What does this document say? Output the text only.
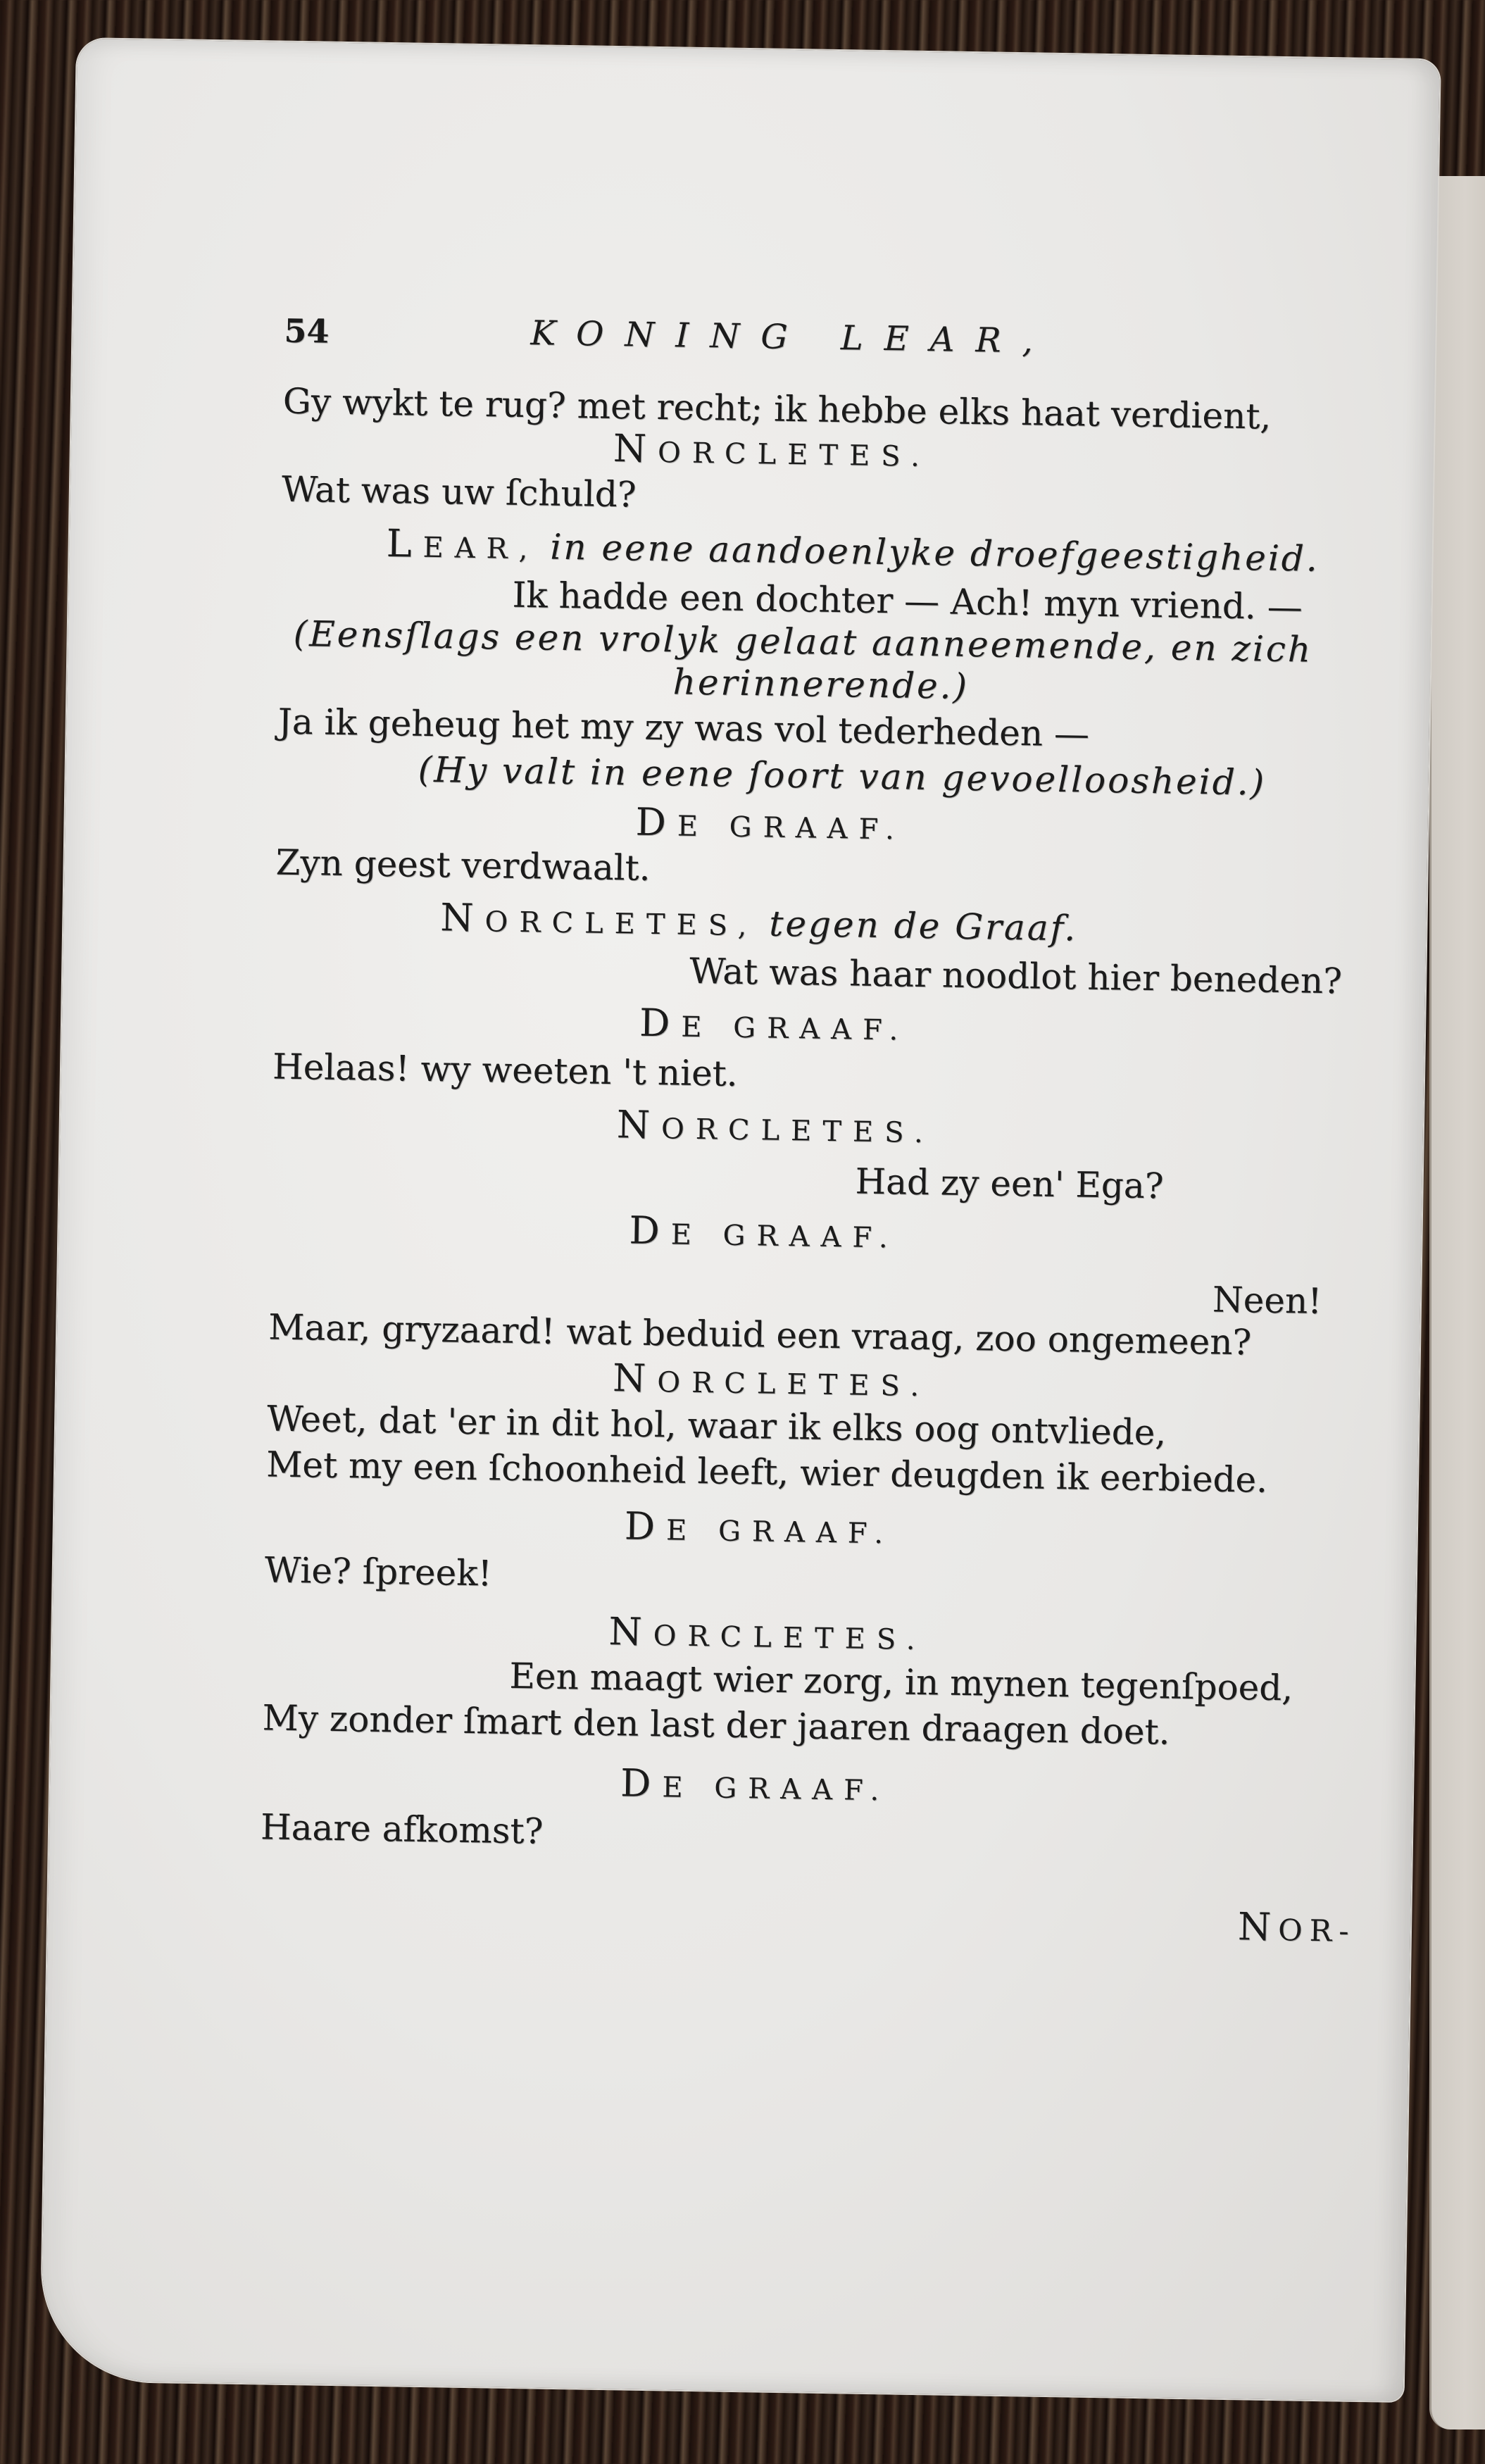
54	KONING LEAR,
Gy wykt te rug? met recht; ik hebbe elks haat verdient,
NORCLETES.
Wat was uw ſchuld?
LEAR, in eene aandoenlyke droefgeestigheid.
Ik hadde een dochter — Ach! myn vriend. —
(Eensſlags een vrolyk gelaat aanneemende, en zich
herinnerende.)
Ja ik geheug het my zy was vol tederheden —
(Hy valt in eene ſoort van gevoelloosheid.)
DE GRAAF.
Zyn geest verdwaalt.
NORCLETES, tegen de Graaf.
Wat was haar noodlot hier beneden?
DE GRAAF.
Helaas! wy weeten 't niet.
NORCLETES.
Had zy een' Ega?
DE GRAAF.
Neen!
Maar, gryzaard! wat beduid een vraag, zoo ongemeen?
NORCLETES.
Weet, dat 'er in dit hol, waar ik elks oog ontvliede,
Met my een ſchoonheid leeft, wier deugden ik eerbiede.
DE GRAAF.
Wie? ſpreek!
NORCLETES.
Een maagt wier zorg, in mynen tegenſpoed,
My zonder ſmart den last der jaaren draagen doet.
DE GRAAF.
Haare afkomst?
NOR-
